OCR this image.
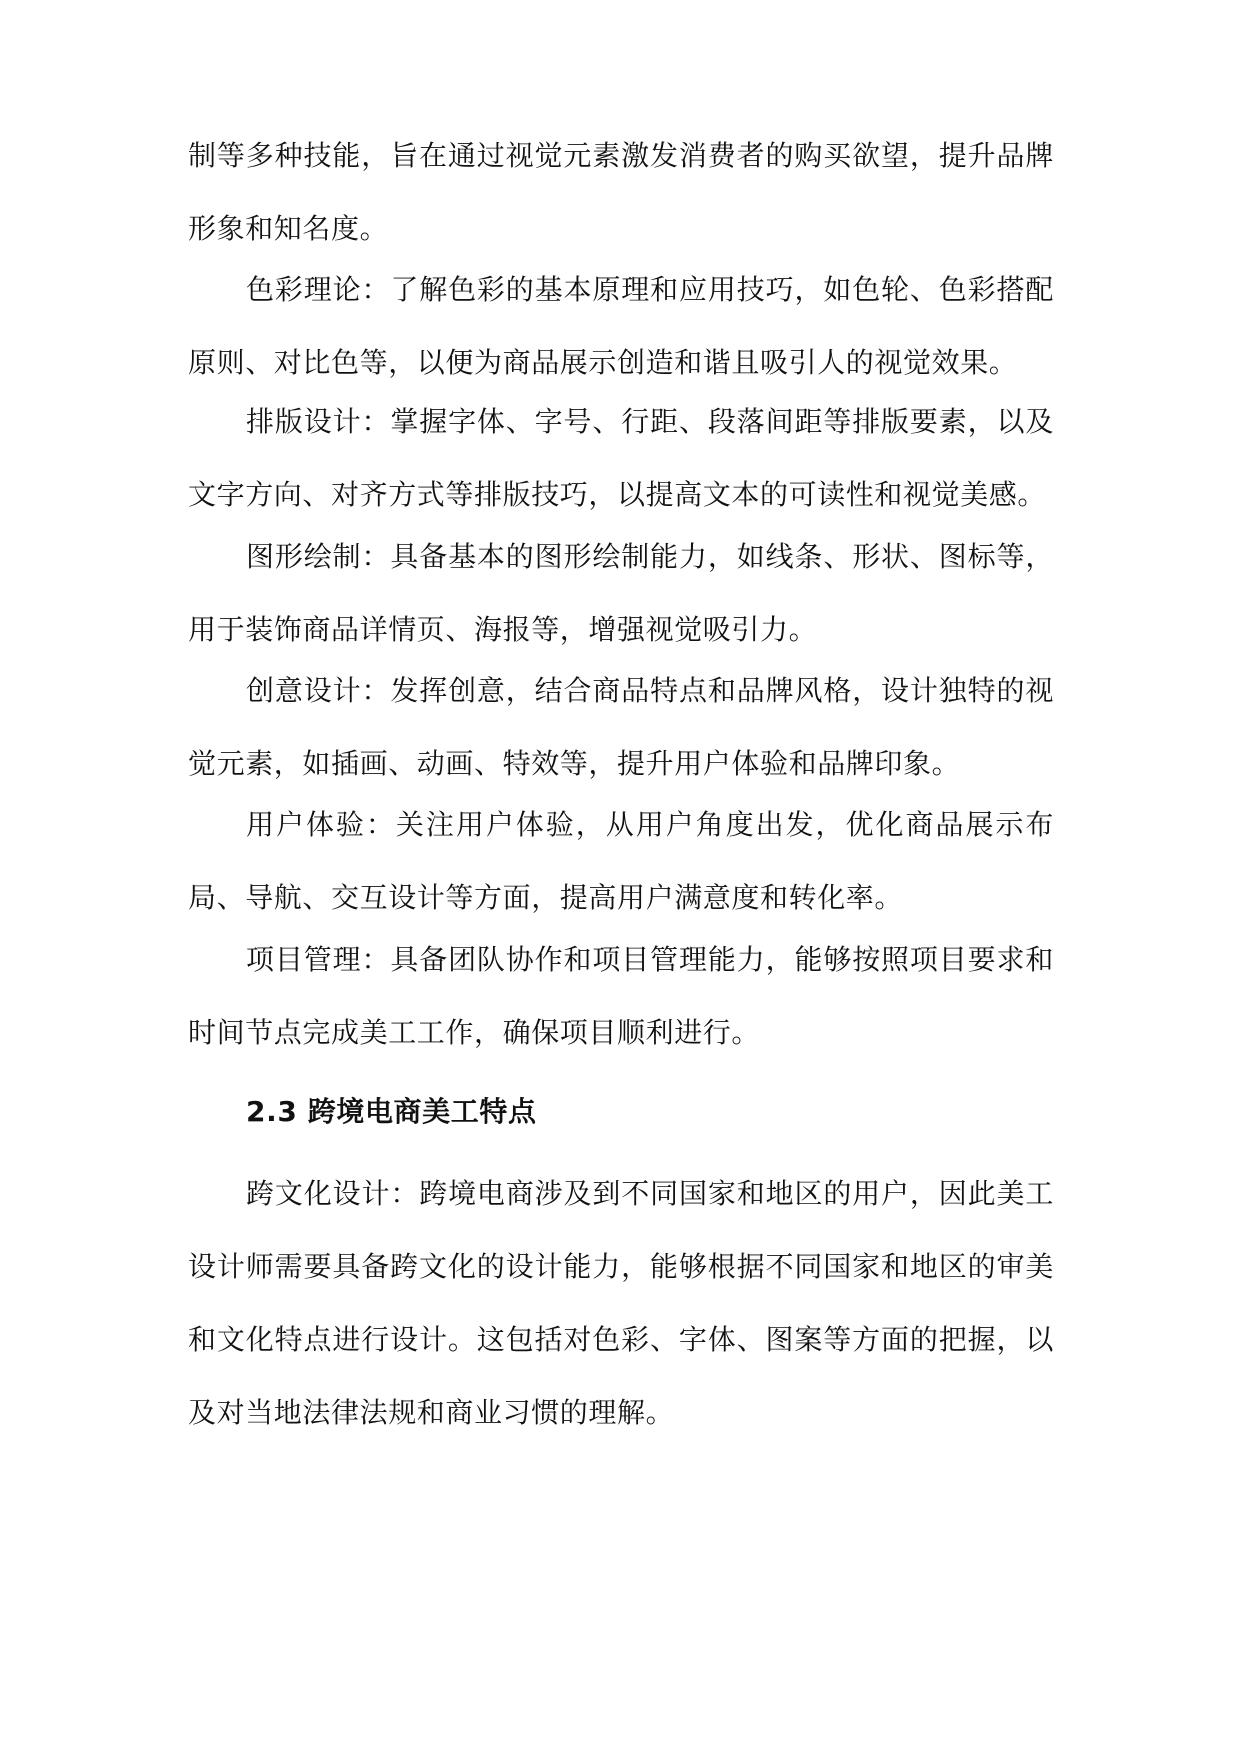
制等多种技能，旨在通过视觉元素激发消费者的购买欲望，提升品牌形象和知名度。

色彩理论：了解色彩的基本原理和应用技巧，如色轮、色彩搭配原则、对比色等，以便为商品展示创造和谐且吸引人的视觉效果。

排版设计：掌握字体、字号、行距、段落间距等排版要素，以及文字方向、对齐方式等排版技巧，以提高文本的可读性和视觉美感。

图形绘制：具备基本的图形绘制能力，如线条、形状、图标等，用于装饰商品详情页、海报等，增强视觉吸引力。

创意设计：发挥创意，结合商品特点和品牌风格，设计独特的视觉元素，如插画、动画、特效等，提升用户体验和品牌印象。

用户体验：关注用户体验，从用户角度出发，优化商品展示布局、导航、交互设计等方面，提高用户满意度和转化率。

项目管理：具备团队协作和项目管理能力，能够按照项目要求和时间节点完成美工工作，确保项目顺利进行。

2.3 跨境电商美工特点

跨文化设计：跨境电商涉及到不同国家和地区的用户，因此美工设计师需要具备跨文化的设计能力，能够根据不同国家和地区的审美和文化特点进行设计。这包括对色彩、字体、图案等方面的把握，以及对当地法律法规和商业习惯的理解。
